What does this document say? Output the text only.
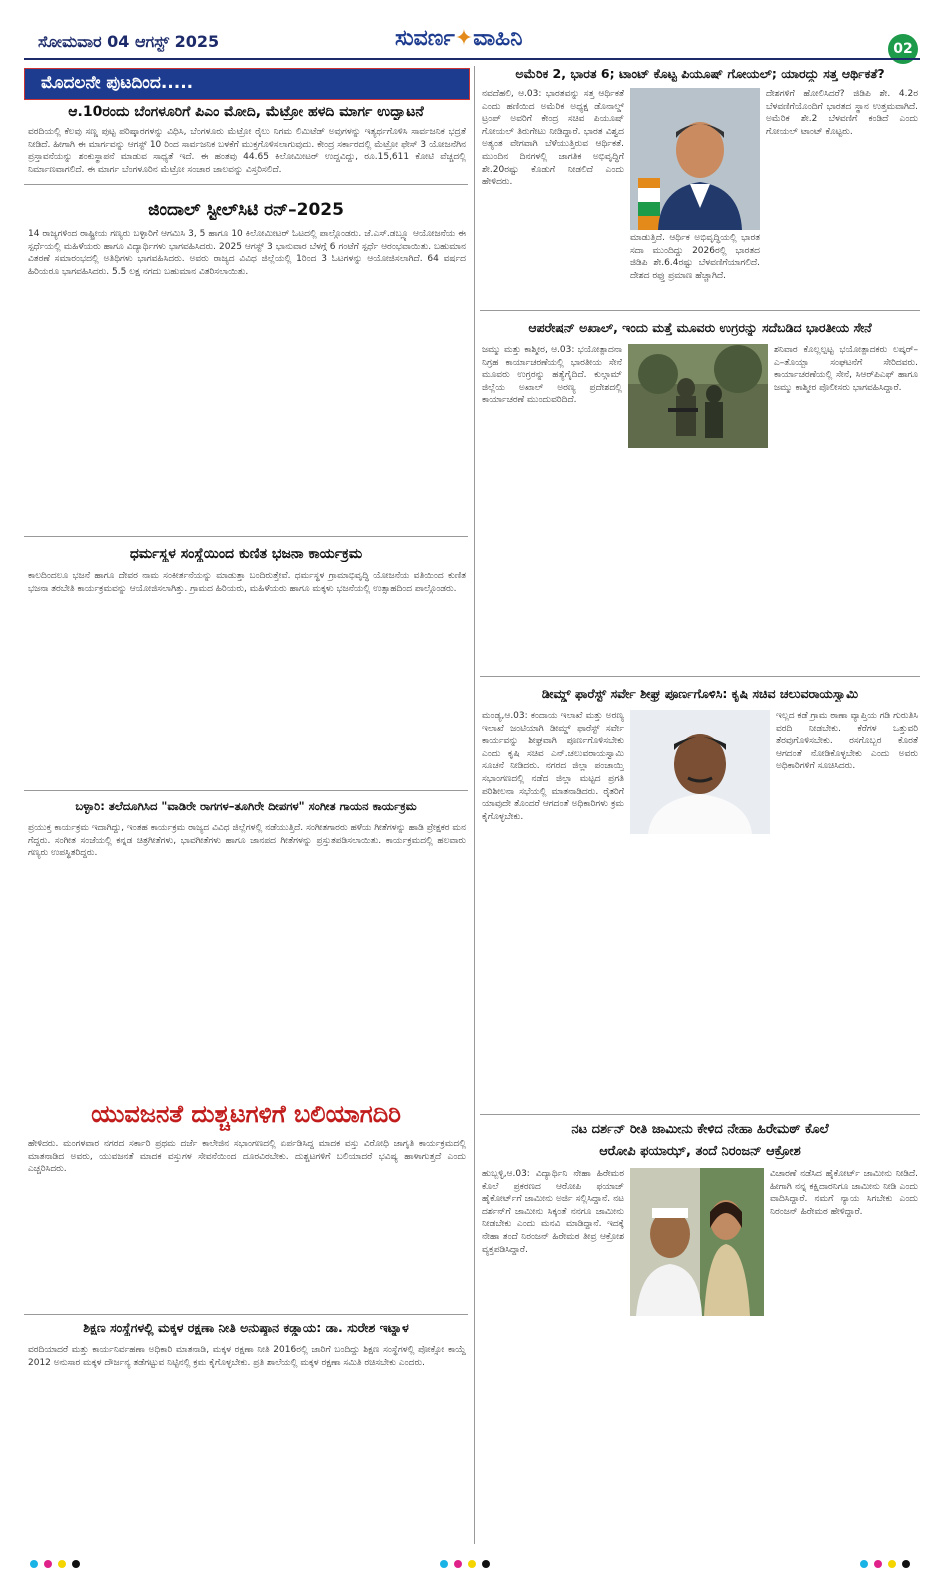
ಸೋಮವಾರ 04 ಆಗಸ್ಟ್ 2025	ಸುವರ್ಣ✦ವಾಹಿನಿ	02
ಮೊದಲನೇ ಪುಟದಿಂದ.....
ಆ.10ರಂದು ಬೆಂಗಳೂರಿಗೆ ಪಿಎಂ ಮೋದಿ, ಮೆಟ್ರೋ ಹಳದಿ ಮಾರ್ಗ ಉದ್ಘಾಟನೆ
ವರದಿಯಲ್ಲಿ ಕೆಲವು ಸಣ್ಣ ಪುಟ್ಟ ಪರಿಷ್ಕಾರಗಳನ್ನು ವಿಧಿಸಿ, ಬೆಂಗಳೂರು ಮೆಟ್ರೋ ರೈಲು ನಿಗಮ ಲಿಮಿಟೆಡ್ ಅವುಗಳನ್ನು ಇತ್ಯರ್ಥಗೊಳಿಸಿ ಸಾರ್ವಜನಿಕ ಭದ್ರತೆ ನೀಡಿದೆ. ಹೀಗಾಗಿ ಈ ಮಾರ್ಗವನ್ನು ಆಗಸ್ಟ್ 10 ರಿಂದ ಸಾರ್ವಜನಿಕ ಬಳಕೆಗೆ ಮುಕ್ತಗೊಳಿಸಲಾಗುವುದು. ಕೇಂದ್ರ ಸರ್ಕಾರದಲ್ಲಿ ಮೆಟ್ರೋ ಫೇಸ್ 3 ಯೋಜನೆಗಿನ ಪ್ರಸ್ತಾವನೆಯನ್ನು ಶಂಕುಸ್ಥಾಪನೆ ಮಾಡುವ ಸಾಧ್ಯತೆ ಇದೆ. ಈ ಹಂತವು 44.65 ಕಿಲೋಮೀಟರ್ ಉದ್ದವಿದ್ದು, ರೂ.15,611 ಕೋಟಿ ವೆಚ್ಚದಲ್ಲಿ ನಿರ್ಮಾಣವಾಗಲಿದೆ. ಈ ಮಾರ್ಗ ಬೆಂಗಳೂರಿನ ಮೆಟ್ರೋ ಸಂಚಾರ ಜಾಲವನ್ನು ವಿಸ್ತರಿಸಲಿದೆ.
ಜಿಂದಾಲ್ ಸ್ಟೀಲ್‌ಸಿಟಿ ರನ್–2025
14 ರಾಜ್ಯಗಳಿಂದ ರಾಷ್ಟ್ರೀಯ ಗಣ್ಯರು ಬಳ್ಳಾರಿಗೆ ಆಗಮಿಸಿ 3, 5 ಹಾಗೂ 10 ಕಿಲೋಮೀಟರ್ ಓಟದಲ್ಲಿ ಪಾಲ್ಗೊಂಡರು. ಜೆ.ಎಸ್.ಡಬ್ಲ್ಯೂ ಆಯೋಜನೆಯ ಈ ಸ್ಪರ್ಧೆಯಲ್ಲಿ ಮಹಿಳೆಯರು ಹಾಗೂ ವಿದ್ಯಾರ್ಥಿಗಳು ಭಾಗವಹಿಸಿದರು. 2025 ಆಗಸ್ಟ್ 3 ಭಾನುವಾರ ಬೆಳಗ್ಗೆ 6 ಗಂಟೆಗೆ ಸ್ಪರ್ಧೆ ಆರಂಭವಾಯಿತು. ಬಹುಮಾನ ವಿತರಣೆ ಸಮಾರಂಭದಲ್ಲಿ ಅತಿಥಿಗಳು ಭಾಗವಹಿಸಿದರು. ಅವರು ರಾಜ್ಯದ ವಿವಿಧ ಜಿಲ್ಲೆಯಲ್ಲಿ 1ರಿಂದ 3 ಓಟಗಳನ್ನು ಆಯೋಜಿಸಲಾಗಿದೆ. 64 ವರ್ಷದ ಹಿರಿಯರೂ ಭಾಗವಹಿಸಿದರು. 5.5 ಲಕ್ಷ ನಗದು ಬಹುಮಾನ ವಿತರಿಸಲಾಯಿತು.
ಧರ್ಮಸ್ಥಳ ಸಂಸ್ಥೆಯಿಂದ ಕುಣಿತ ಭಜನಾ ಕಾರ್ಯಕ್ರಮ
ಕಾಲದಿಂದಲೂ ಭಜನೆ ಹಾಗೂ ದೇವರ ನಾಮ ಸಂಕೀರ್ತನೆಯನ್ನು ಮಾಡುತ್ತಾ ಬಂದಿರುತ್ತೇವೆ. ಧರ್ಮಸ್ಥಳ ಗ್ರಾಮಾಭಿವೃದ್ಧಿ ಯೋಜನೆಯ ವತಿಯಿಂದ ಕುಣಿತ ಭಜನಾ ತರಬೇತಿ ಕಾರ್ಯಕ್ರಮವನ್ನು ಆಯೋಜಿಸಲಾಗಿತ್ತು. ಗ್ರಾಮದ ಹಿರಿಯರು, ಮಹಿಳೆಯರು ಹಾಗೂ ಮಕ್ಕಳು ಭಜನೆಯಲ್ಲಿ ಉತ್ಸಾಹದಿಂದ ಪಾಲ್ಗೊಂಡರು.
ಬಳ್ಳಾರಿ: ತಲೆದೂಗಿಸಿದ "ವಾಡಿರೇ ರಾಗಗಳ–ತೂಗಿರೇ ದೀಪಗಳ" ಸಂಗೀತ ಗಾಯನ ಕಾರ್ಯಕ್ರಮ
ಪ್ರಯುಕ್ತ ಕಾರ್ಯಕ್ರಮ ಇದಾಗಿದ್ದು, ಇಂತಹ ಕಾರ್ಯಕ್ರಮ ರಾಜ್ಯದ ವಿವಿಧ ಜಿಲ್ಲೆಗಳಲ್ಲಿ ನಡೆಯುತ್ತಿದೆ. ಸಂಗೀತಗಾರರು ಹಳೆಯ ಗೀತೆಗಳನ್ನು ಹಾಡಿ ಪ್ರೇಕ್ಷಕರ ಮನ ಗೆದ್ದರು. ಸಂಗೀತ ಸಂಜೆಯಲ್ಲಿ ಕನ್ನಡ ಚಿತ್ರಗೀತೆಗಳು, ಭಾವಗೀತೆಗಳು ಹಾಗೂ ಜಾನಪದ ಗೀತೆಗಳನ್ನು ಪ್ರಸ್ತುತಪಡಿಸಲಾಯಿತು. ಕಾರ್ಯಕ್ರಮದಲ್ಲಿ ಹಲವಾರು ಗಣ್ಯರು ಉಪಸ್ಥಿತರಿದ್ದರು.
ಯುವಜನತೆ ದುಶ್ಚಟಗಳಿಗೆ ಬಲಿಯಾಗದಿರಿ
ಹೇಳಿದರು. ಮಂಗಳವಾರ ನಗರದ ಸರ್ಕಾರಿ ಪ್ರಥಮ ದರ್ಜೆ ಕಾಲೇಜಿನ ಸಭಾಂಗಣದಲ್ಲಿ ಏರ್ಪಡಿಸಿದ್ದ ಮಾದಕ ವಸ್ತು ವಿರೋಧಿ ಜಾಗೃತಿ ಕಾರ್ಯಕ್ರಮದಲ್ಲಿ ಮಾತನಾಡಿದ ಅವರು, ಯುವಜನತೆ ಮಾದಕ ವಸ್ತುಗಳ ಸೇವನೆಯಿಂದ ದೂರವಿರಬೇಕು. ದುಶ್ಚಟಗಳಿಗೆ ಬಲಿಯಾದರೆ ಭವಿಷ್ಯ ಹಾಳಾಗುತ್ತದೆ ಎಂದು ಎಚ್ಚರಿಸಿದರು.
ಶಿಕ್ಷಣ ಸಂಸ್ಥೆಗಳಲ್ಲಿ ಮಕ್ಕಳ ರಕ್ಷಣಾ ನೀತಿ ಅನುಷ್ಠಾನ ಕಡ್ಡಾಯ: ಡಾ. ಸುರೇಶ ಇಟ್ನಾಳ
ವರದಿಯಾದರೆ ಮತ್ತು ಕಾರ್ಯನಿರ್ವಹಣಾ ಅಧಿಕಾರಿ ಮಾತನಾಡಿ, ಮಕ್ಕಳ ರಕ್ಷಣಾ ನೀತಿ 2016ರಲ್ಲಿ ಜಾರಿಗೆ ಬಂದಿದ್ದು ಶಿಕ್ಷಣ ಸಂಸ್ಥೆಗಳಲ್ಲಿ ಪೋಕ್ಸೋ ಕಾಯ್ದೆ 2012 ಅನುಸಾರ ಮಕ್ಕಳ ದೌರ್ಜನ್ಯ ತಡೆಗಟ್ಟುವ ನಿಟ್ಟಿನಲ್ಲಿ ಕ್ರಮ ಕೈಗೊಳ್ಳಬೇಕು. ಪ್ರತಿ ಶಾಲೆಯಲ್ಲಿ ಮಕ್ಕಳ ರಕ್ಷಣಾ ಸಮಿತಿ ರಚಿಸಬೇಕು ಎಂದರು.
ಅಮೆರಿಕ 2, ಭಾರತ 6; ಟಾಂಟ್ ಕೊಟ್ಟ ಪಿಯೂಷ್ ಗೋಯಲ್; ಯಾರದ್ದು ಸತ್ತ ಆರ್ಥಿಕತೆ?
ನವದೆಹಲಿ, ಆ.03: ಭಾರತವನ್ನು ಸತ್ತ ಆರ್ಥಿಕತೆ ಎಂದು ಹಣಿಯಿದ ಅಮೆರಿಕ ಅಧ್ಯಕ್ಷ ಡೊನಾಲ್ಡ್ ಟ್ರಂಪ್ ಅವರಿಗೆ ಕೇಂದ್ರ ಸಚಿವ ಪಿಯೂಷ್ ಗೋಯಲ್ ತಿರುಗೇಟು ನೀಡಿದ್ದಾರೆ. ಭಾರತ ವಿಶ್ವದ ಅತ್ಯಂತ ವೇಗವಾಗಿ ಬೆಳೆಯುತ್ತಿರುವ ಆರ್ಥಿಕತೆ. ಮುಂದಿನ ದಿನಗಳಲ್ಲಿ ಜಾಗತಿಕ ಅಭಿವೃದ್ಧಿಗೆ ಶೇ.20ರಷ್ಟು ಕೊಡುಗೆ ನೀಡಲಿದೆ ಎಂದು ಹೇಳಿದರು.
ಮಾಡುತ್ತಿದೆ. ಆರ್ಥಿಕ ಅಭಿವೃದ್ಧಿಯಲ್ಲಿ ಭಾರತ ಸದಾ ಮುಂದಿದ್ದು 2026ರಲ್ಲಿ ಭಾರತದ ಜಿಡಿಪಿ ಶೇ.6.4ರಷ್ಟು ಬೆಳವಣಿಗೆಯಾಗಲಿದೆ. ದೇಶದ ರಫ್ತು ಪ್ರಮಾಣ ಹೆಚ್ಚಾಗಿದೆ.
ದೇಶಗಳಿಗೆ ಹೋಲಿಸಿದರೆ? ಜಿಡಿಪಿ ಶೇ. 4.2ರ ಬೆಳವಣಿಗೆಯೊಂದಿಗೆ ಭಾರತದ ಸ್ಥಾನ ಉತ್ತಮವಾಗಿದೆ. ಅಮೆರಿಕ ಶೇ.2 ಬೆಳವಣಿಗೆ ಕಂಡಿದೆ ಎಂದು ಗೋಯಲ್ ಟಾಂಟ್ ಕೊಟ್ಟರು.
ಆಪರೇಷನ್ ಅಖಾಲ್, ಇಂದು ಮತ್ತೆ ಮೂವರು ಉಗ್ರರನ್ನು ಸದೆಬಡಿದ ಭಾರತೀಯ ಸೇನೆ
ಜಮ್ಮು ಮತ್ತು ಕಾಶ್ಮೀರ, ಆ.03: ಭಯೋತ್ಪಾದನಾ ನಿಗ್ರಹ ಕಾರ್ಯಾಚರಣೆಯಲ್ಲಿ ಭಾರತೀಯ ಸೇನೆ ಮೂವರು ಉಗ್ರರನ್ನು ಹತ್ಯೆಗೈದಿದೆ. ಕುಲ್ಗಾಮ್ ಜಿಲ್ಲೆಯ ಅಖಾಲ್ ಅರಣ್ಯ ಪ್ರದೇಶದಲ್ಲಿ ಕಾರ್ಯಾಚರಣೆ ಮುಂದುವರಿದಿದೆ.
ಶನಿವಾರ ಕೊಲ್ಲಲ್ಪಟ್ಟ ಭಯೋತ್ಪಾದಕರು ಲಷ್ಕರ್–ಎ–ತೊಯ್ಬಾ ಸಂಘಟನೆಗೆ ಸೇರಿದವರು. ಕಾರ್ಯಾಚರಣೆಯಲ್ಲಿ ಸೇನೆ, ಸಿಆರ್‌ಪಿಎಫ್ ಹಾಗೂ ಜಮ್ಮು ಕಾಶ್ಮೀರ ಪೊಲೀಸರು ಭಾಗವಹಿಸಿದ್ದಾರೆ.
ಡೀಮ್ಡ್ ಫಾರೆಸ್ಟ್ ಸರ್ವೇ ಶೀಘ್ರ ಪೂರ್ಣಗೊಳಿಸಿ: ಕೃಷಿ ಸಚಿವ ಚಲುವರಾಯಸ್ವಾಮಿ
ಮಂಡ್ಯ,ಆ.03: ಕಂದಾಯ ಇಲಾಖೆ ಮತ್ತು ಅರಣ್ಯ ಇಲಾಖೆ ಜಂಟಿಯಾಗಿ ಡೀಮ್ಡ್ ಫಾರೆಸ್ಟ್ ಸರ್ವೇ ಕಾರ್ಯವನ್ನು ಶೀಘ್ರವಾಗಿ ಪೂರ್ಣಗೊಳಿಸಬೇಕು ಎಂದು ಕೃಷಿ ಸಚಿವ ಎನ್.ಚಲುವರಾಯಸ್ವಾಮಿ ಸೂಚನೆ ನೀಡಿದರು. ನಗರದ ಜಿಲ್ಲಾ ಪಂಚಾಯ್ತಿ ಸಭಾಂಗಣದಲ್ಲಿ ನಡೆದ ಜಿಲ್ಲಾ ಮಟ್ಟದ ಪ್ರಗತಿ ಪರಿಶೀಲನಾ ಸಭೆಯಲ್ಲಿ ಮಾತನಾಡಿದರು. ರೈತರಿಗೆ ಯಾವುದೇ ತೊಂದರೆ ಆಗದಂತೆ ಅಧಿಕಾರಿಗಳು ಕ್ರಮ ಕೈಗೊಳ್ಳಬೇಕು.
ಇಲ್ಲದ ಕಡೆ ಗ್ರಾಮ ಠಾಣಾ ವ್ಯಾಪ್ತಿಯ ಗಡಿ ಗುರುತಿಸಿ ವರದಿ ನೀಡಬೇಕು. ಕೆರೆಗಳ ಒತ್ತುವರಿ ತೆರವುಗೊಳಿಸಬೇಕು. ರಸಗೊಬ್ಬರ ಕೊರತೆ ಆಗದಂತೆ ನೋಡಿಕೊಳ್ಳಬೇಕು ಎಂದು ಅವರು ಅಧಿಕಾರಿಗಳಿಗೆ ಸೂಚಿಸಿದರು.
ನಟ ದರ್ಶನ್ ರೀತಿ ಜಾಮೀನು ಕೇಳಿದ ನೇಹಾ ಹಿರೇಮಠ್ ಕೊಲೆ
ಆರೋಪಿ ಫಯಾಝ್, ತಂದೆ ನಿರಂಜನ್ ಆಕ್ರೋಶ
ಹುಬ್ಬಳ್ಳಿ,ಆ.03: ವಿದ್ಯಾರ್ಥಿನಿ ನೇಹಾ ಹಿರೇಮಠ ಕೊಲೆ ಪ್ರಕರಣದ ಆರೋಪಿ ಫಯಾಜ್ ಹೈಕೋರ್ಟ್‌ಗೆ ಜಾಮೀನು ಅರ್ಜಿ ಸಲ್ಲಿಸಿದ್ದಾನೆ. ನಟ ದರ್ಶನ್‌ಗೆ ಜಾಮೀನು ಸಿಕ್ಕಂತೆ ನನಗೂ ಜಾಮೀನು ನೀಡಬೇಕು ಎಂದು ಮನವಿ ಮಾಡಿದ್ದಾನೆ. ಇದಕ್ಕೆ ನೇಹಾ ತಂದೆ ನಿರಂಜನ್ ಹಿರೇಮಠ ತೀವ್ರ ಆಕ್ರೋಶ ವ್ಯಕ್ತಪಡಿಸಿದ್ದಾರೆ.
ವಿಚಾರಣೆ ನಡೆಸಿದ ಹೈಕೋರ್ಟ್ ಜಾಮೀನು ನೀಡಿದೆ. ಹೀಗಾಗಿ ನನ್ನ ಕಕ್ಷಿದಾರನಿಗೂ ಜಾಮೀನು ನೀಡಿ ಎಂದು ವಾದಿಸಿದ್ದಾರೆ. ನಮಗೆ ನ್ಯಾಯ ಸಿಗಬೇಕು ಎಂದು ನಿರಂಜನ್ ಹಿರೇಮಠ ಹೇಳಿದ್ದಾರೆ.
